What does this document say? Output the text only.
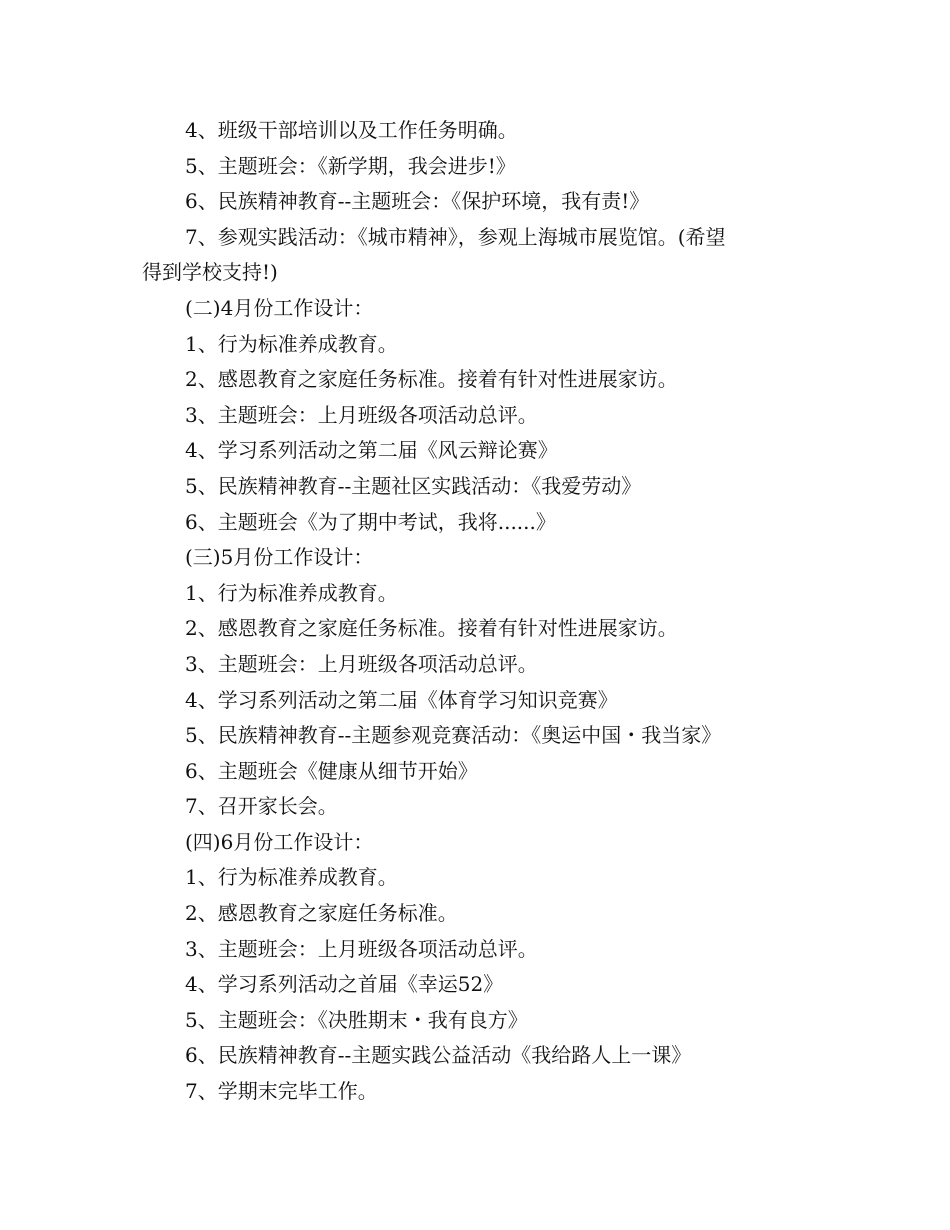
4、班级干部培训以及工作任务明确。
5、主题班会：《新学期，我会进步!》
6、民族精神教育--主题班会：《保护环境，我有责!》
7、参观实践活动：《城市精神》，参观上海城市展览馆。(希望
得到学校支持!)
(二)4月份工作设计：
1、行为标准养成教育。
2、感恩教育之家庭任务标准。接着有针对性进展家访。
3、主题班会：上月班级各项活动总评。
4、学习系列活动之第二届《风云辩论赛》
5、民族精神教育--主题社区实践活动：《我爱劳动》
6、主题班会《为了期中考试，我将......》
(三)5月份工作设计：
1、行为标准养成教育。
2、感恩教育之家庭任务标准。接着有针对性进展家访。
3、主题班会：上月班级各项活动总评。
4、学习系列活动之第二届《体育学习知识竞赛》
5、民族精神教育--主题参观竞赛活动：《奥运中国・我当家》
6、主题班会《健康从细节开始》
7、召开家长会。
(四)6月份工作设计：
1、行为标准养成教育。
2、感恩教育之家庭任务标准。
3、主题班会：上月班级各项活动总评。
4、学习系列活动之首届《幸运52》
5、主题班会：《决胜期末・我有良方》
6、民族精神教育--主题实践公益活动《我给路人上一课》
7、学期末完毕工作。
